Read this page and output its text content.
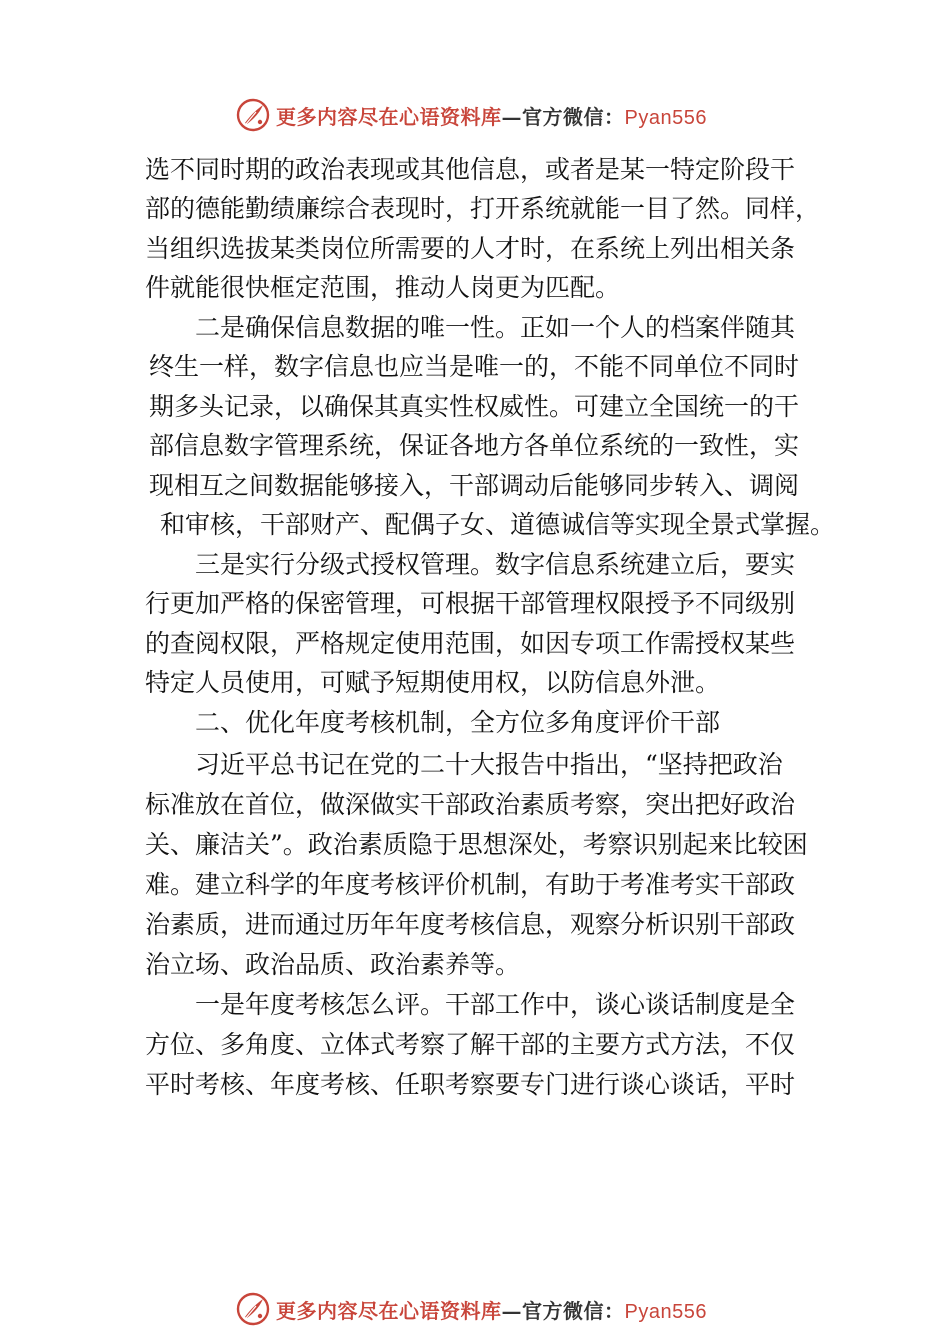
更多内容尽在心语资料库—官方微信：Pyan556
选不同时期的政治表现或其他信息，或者是某一特定阶段干
部的德能勤绩廉综合表现时，打开系统就能一目了然。同样，
当组织选拔某类岗位所需要的人才时，在系统上列出相关条
件就能很快框定范围，推动人岗更为匹配。
二是确保信息数据的唯一性。正如一个人的档案伴随其
终生一样，数字信息也应当是唯一的，不能不同单位不同时
期多头记录，以确保其真实性权威性。可建立全国统一的干
部信息数字管理系统，保证各地方各单位系统的一致性，实
现相互之间数据能够接入，干部调动后能够同步转入、调阅
和审核，干部财产、配偶子女、道德诚信等实现全景式掌握。
三是实行分级式授权管理。数字信息系统建立后，要实
行更加严格的保密管理，可根据干部管理权限授予不同级别
的查阅权限，严格规定使用范围，如因专项工作需授权某些
特定人员使用，可赋予短期使用权，以防信息外泄。
二、优化年度考核机制，全方位多角度评价干部
习近平总书记在党的二十大报告中指出，“坚持把政治
标准放在首位，做深做实干部政治素质考察，突出把好政治
关、廉洁关”。政治素质隐于思想深处，考察识别起来比较困
难。建立科学的年度考核评价机制，有助于考准考实干部政
治素质，进而通过历年年度考核信息，观察分析识别干部政
治立场、政治品质、政治素养等。
一是年度考核怎么评。干部工作中，谈心谈话制度是全
方位、多角度、立体式考察了解干部的主要方式方法，不仅
平时考核、年度考核、任职考察要专门进行谈心谈话，平时
更多内容尽在心语资料库—官方微信：Pyan556
